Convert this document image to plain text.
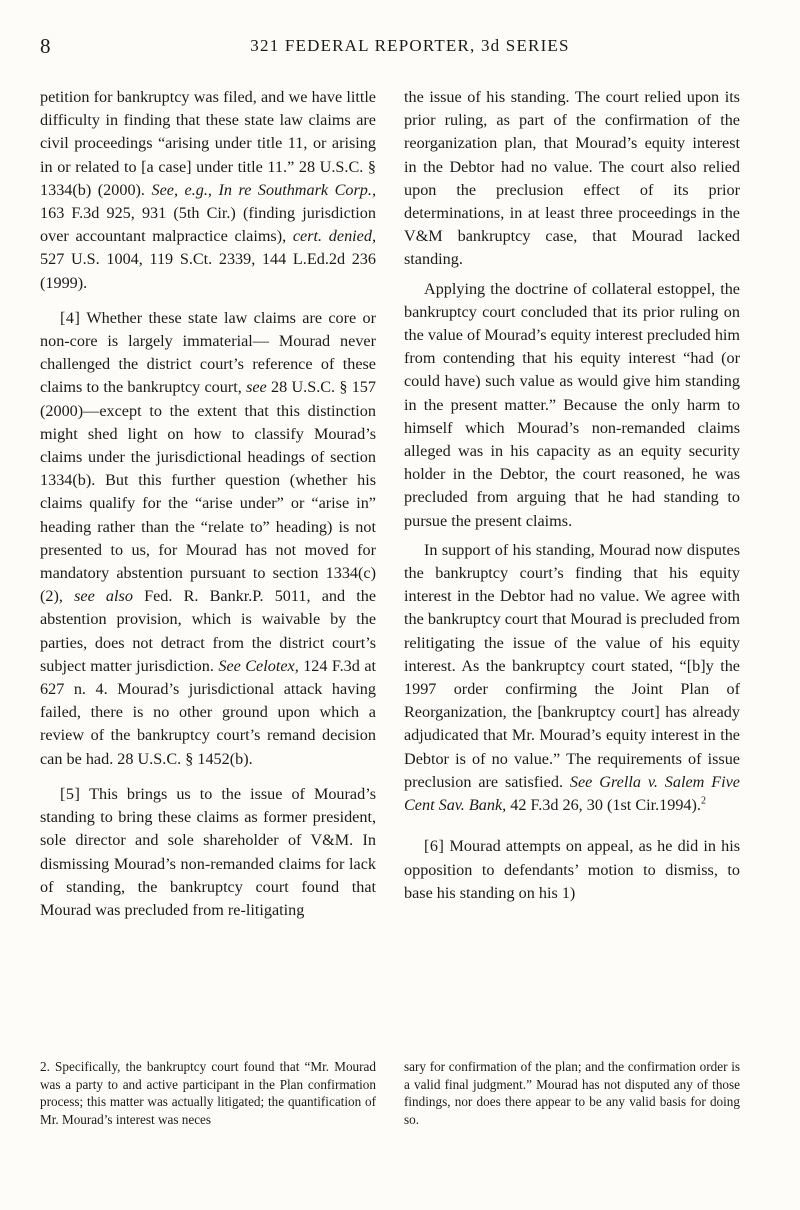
8	321 FEDERAL REPORTER, 3d SERIES

petition for bankruptcy was filed, and we have little difficulty in finding that these state law claims are civil proceedings “arising under title 11, or arising in or related to [a case] under title 11.” 28 U.S.C. § 1334(b) (2000). See, e.g., In re Southmark Corp., 163 F.3d 925, 931 (5th Cir.) (finding jurisdiction over accountant malpractice claims), cert. denied, 527 U.S. 1004, 119 S.Ct. 2339, 144 L.Ed.2d 236 (1999).

[4] Whether these state law claims are core or non-core is largely immaterial— Mourad never challenged the district court’s reference of these claims to the bankruptcy court, see 28 U.S.C. § 157 (2000)—except to the extent that this distinction might shed light on how to classify Mourad’s claims under the jurisdictional headings of section 1334(b). But this further question (whether his claims qualify for the “arise under” or “arise in” heading rather than the “relate to” heading) is not presented to us, for Mourad has not moved for mandatory abstention pursuant to section 1334(c)(2), see also Fed. R. Bankr.P. 5011, and the abstention provision, which is waivable by the parties, does not detract from the district court’s subject matter jurisdiction. See Celotex, 124 F.3d at 627 n. 4. Mourad’s jurisdictional attack having failed, there is no other ground upon which a review of the bankruptcy court’s remand decision can be had. 28 U.S.C. § 1452(b).

[5] This brings us to the issue of Mourad’s standing to bring these claims as former president, sole director and sole shareholder of V&M. In dismissing Mourad’s non-remanded claims for lack of standing, the bankruptcy court found that Mourad was precluded from re-litigating

the issue of his standing. The court relied upon its prior ruling, as part of the confirmation of the reorganization plan, that Mourad’s equity interest in the Debtor had no value. The court also relied upon the preclusion effect of its prior determinations, in at least three proceedings in the V&M bankruptcy case, that Mourad lacked standing.

Applying the doctrine of collateral estoppel, the bankruptcy court concluded that its prior ruling on the value of Mourad’s equity interest precluded him from contending that his equity interest “had (or could have) such value as would give him standing in the present matter.” Because the only harm to himself which Mourad’s non-remanded claims alleged was in his capacity as an equity security holder in the Debtor, the court reasoned, he was precluded from arguing that he had standing to pursue the present claims.

In support of his standing, Mourad now disputes the bankruptcy court’s finding that his equity interest in the Debtor had no value. We agree with the bankruptcy court that Mourad is precluded from relitigating the issue of the value of his equity interest. As the bankruptcy court stated, “[b]y the 1997 order confirming the Joint Plan of Reorganization, the [bankruptcy court] has already adjudicated that Mr. Mourad’s equity interest in the Debtor is of no value.” The requirements of issue preclusion are satisfied. See Grella v. Salem Five Cent Sav. Bank, 42 F.3d 26, 30 (1st Cir.1994).$^2$

[6] Mourad attempts on appeal, as he did in his opposition to defendants’ motion to dismiss, to base his standing on his 1)

2. Specifically, the bankruptcy court found that “Mr. Mourad was a party to and active participant in the Plan confirmation process; this matter was actually litigated; the quantification of Mr. Mourad’s interest was neces

sary for confirmation of the plan; and the confirmation order is a valid final judgment.” Mourad has not disputed any of those findings, nor does there appear to be any valid basis for doing so.
